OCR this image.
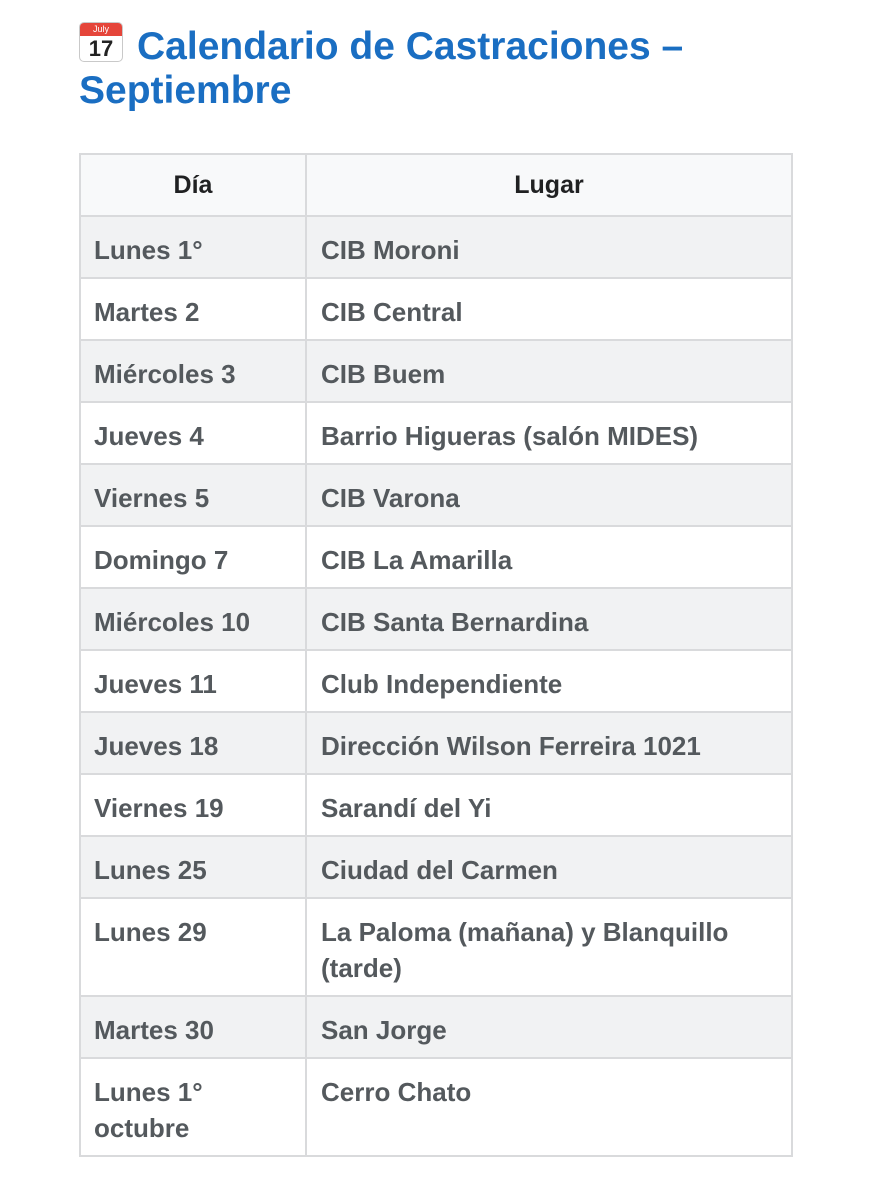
July
17 Calendario de Castraciones – Septiembre
Día	Lugar
Lunes 1°	CIB Moroni
Martes 2	CIB Central
Miércoles 3	CIB Buem
Jueves 4	Barrio Higueras (salón MIDES)
Viernes 5	CIB Varona
Domingo 7	CIB La Amarilla
Miércoles 10	CIB Santa Bernardina
Jueves 11	Club Independiente
Jueves 18	Dirección Wilson Ferreira 1021
Viernes 19	Sarandí del Yi
Lunes 25	Ciudad del Carmen
Lunes 29	La Paloma (mañana) y Blanquillo (tarde)
Martes 30	San Jorge
Lunes 1° octubre	Cerro Chato
